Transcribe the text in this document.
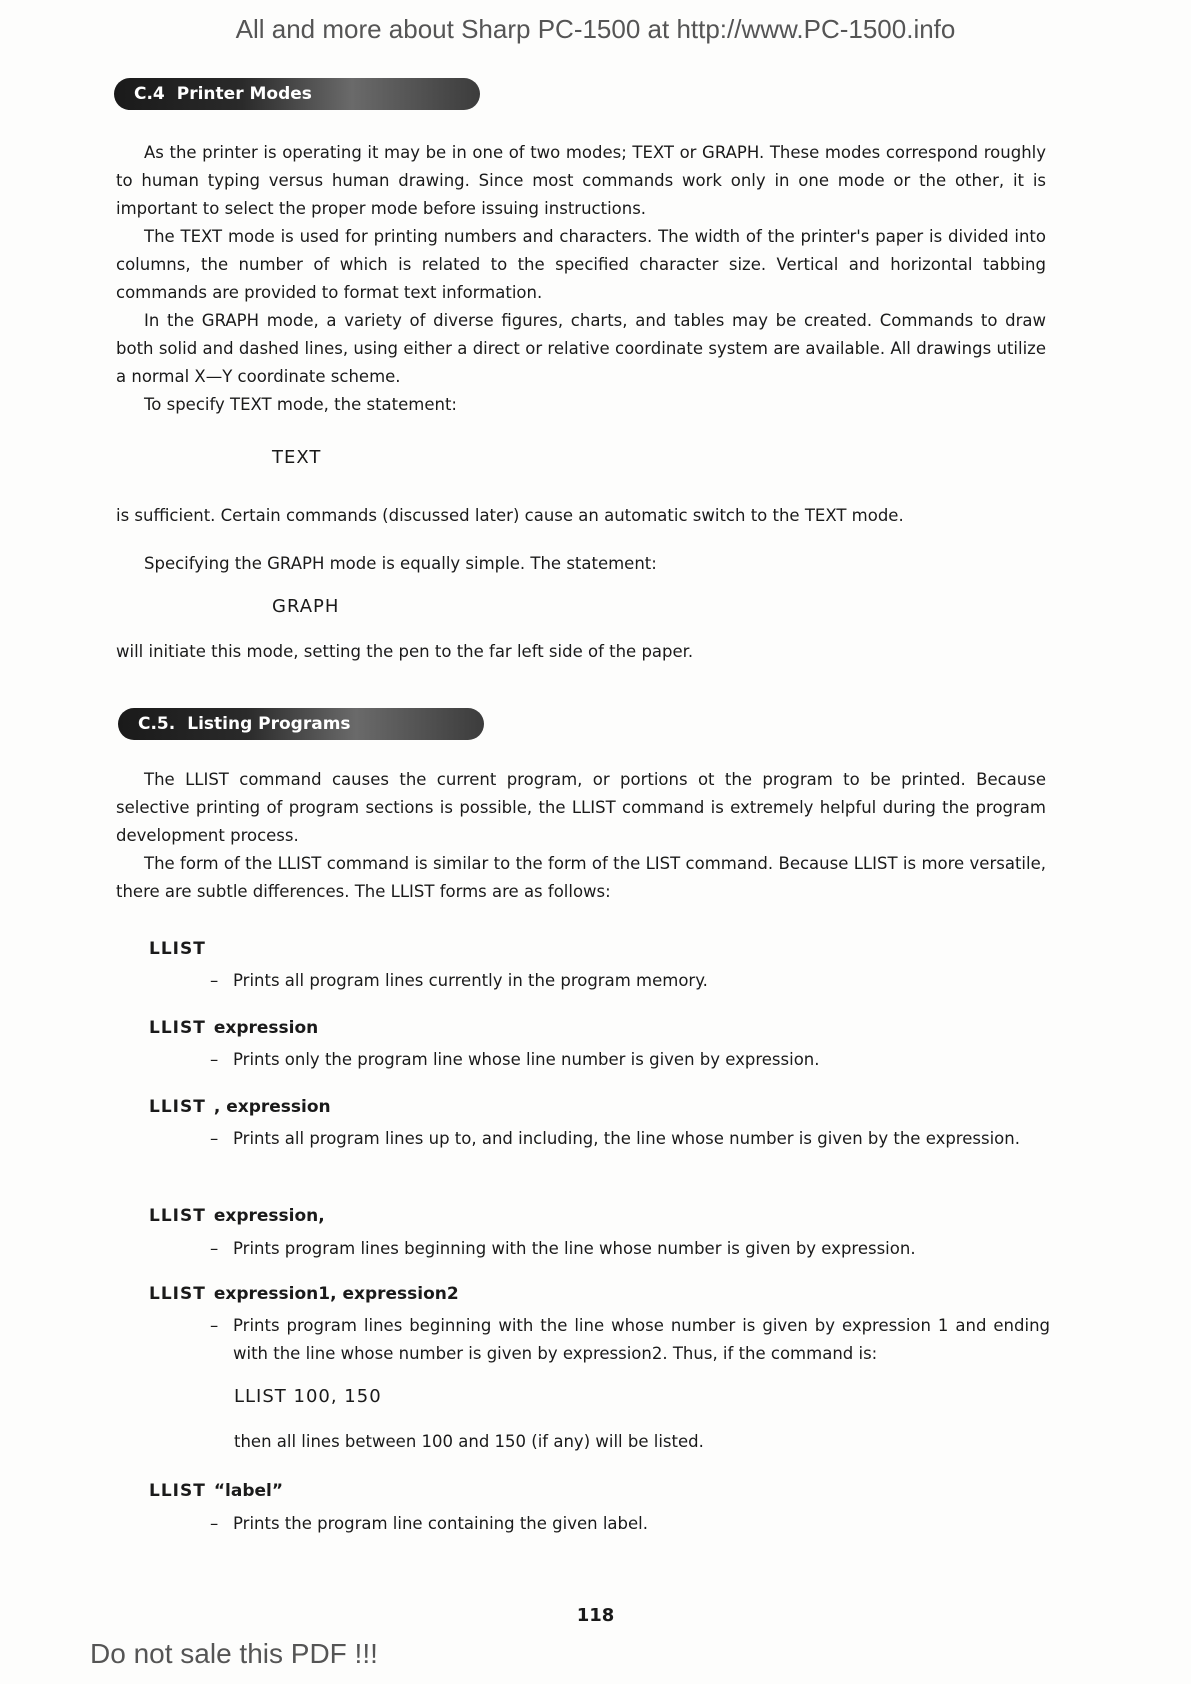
All and more about Sharp PC-1500 at http://www.PC-1500.info
C.4 Printer Modes

As the printer is operating it may be in one of two modes; TEXT or GRAPH. These modes correspond roughly to human typing versus human drawing. Since most commands work only in one mode or the other, it is important to select the proper mode before issuing instructions.

The TEXT mode is used for printing numbers and characters. The width of the printer's paper is divided into columns, the number of which is related to the specified character size. Vertical and horizontal tabbing commands are provided to format text information.

In the GRAPH mode, a variety of diverse figures, charts, and tables may be created. Commands to draw both solid and dashed lines, using either a direct or relative coordinate system are available. All drawings utilize a normal X—Y coordinate scheme.

To specify TEXT mode, the statement:

TEXT
is sufficient. Certain commands (discussed later) cause an automatic switch to the TEXT mode.
Specifying the GRAPH mode is equally simple. The statement:
GRAPH
will initiate this mode, setting the pen to the far left side of the paper.
C.5. Listing Programs

The LLIST command causes the current program, or portions ot the program to be printed. Because selective printing of program sections is possible, the LLIST command is extremely helpful during the program development process.

The form of the LLIST command is similar to the form of the LIST command. Because LLIST is more versatile, there are subtle differences. The LLIST forms are as follows:

LLIST
– Prints all program lines currently in the program memory.
LLIST expression
– Prints only the program line whose line number is given by expression.
LLIST , expression
– Prints all program lines up to, and including, the line whose number is given by the expression.
LLIST expression,
– Prints program lines beginning with the line whose number is given by expression.
LLIST expression1, expression2
– Prints program lines beginning with the line whose number is given by expression 1 and ending with the line whose number is given by expression2. Thus, if the command is:
LLIST 100, 150
then all lines between 100 and 150 (if any) will be listed.
LLIST “label”
– Prints the program line containing the given label.
118
Do not sale this PDF !!!
